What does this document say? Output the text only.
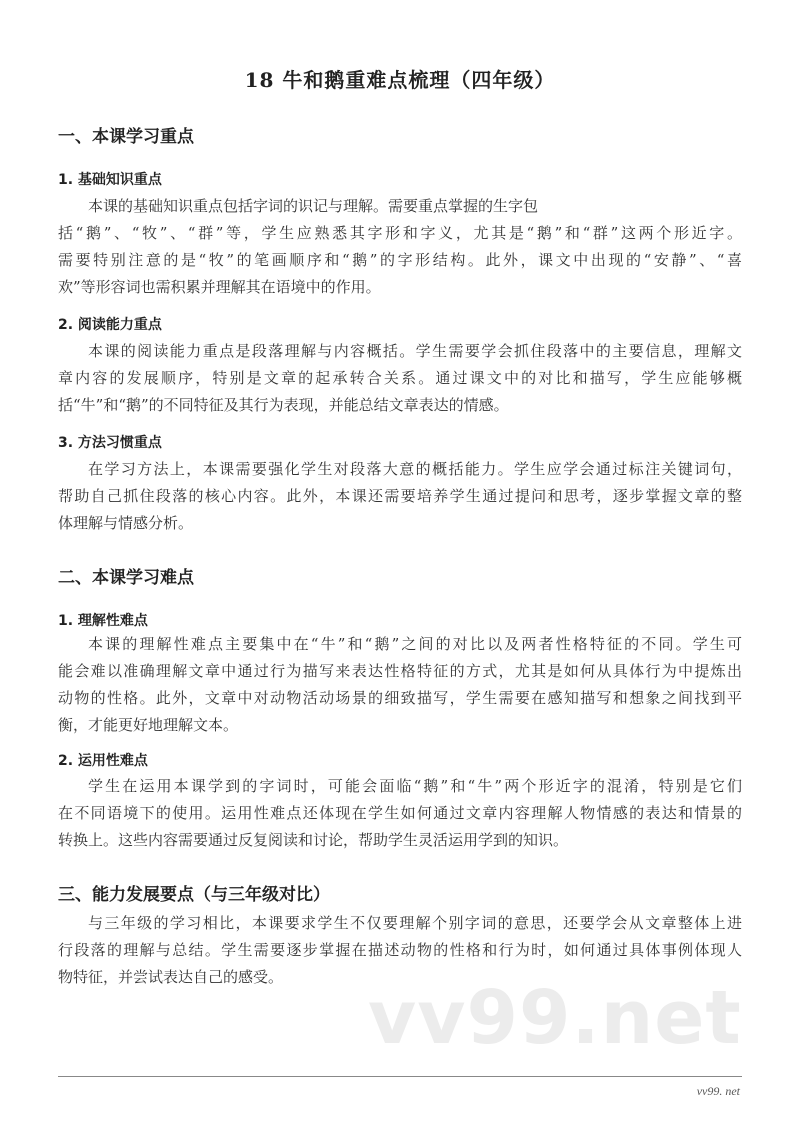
18 牛和鹅重难点梳理（四年级）
一、本课学习重点
1. 基础知识重点
本课的基础知识重点包括字词的识记与理解。需要重点掌握的生字包
括“鹅”、“牧”、“群”等，学生应熟悉其字形和字义，尤其是“鹅”和“群”这两个形近字。
需要特别注意的是“牧”的笔画顺序和“鹅”的字形结构。此外，课文中出现的“安静”、“喜
欢”等形容词也需积累并理解其在语境中的作用。
2. 阅读能力重点
本课的阅读能力重点是段落理解与内容概括。学生需要学会抓住段落中的主要信息，理解文
章内容的发展顺序，特别是文章的起承转合关系。通过课文中的对比和描写，学生应能够概
括“牛”和“鹅”的不同特征及其行为表现，并能总结文章表达的情感。
3. 方法习惯重点
在学习方法上，本课需要强化学生对段落大意的概括能力。学生应学会通过标注关键词句，
帮助自己抓住段落的核心内容。此外，本课还需要培养学生通过提问和思考，逐步掌握文章的整
体理解与情感分析。
二、本课学习难点
1. 理解性难点
本课的理解性难点主要集中在“牛”和“鹅”之间的对比以及两者性格特征的不同。学生可
能会难以准确理解文章中通过行为描写来表达性格特征的方式，尤其是如何从具体行为中提炼出
动物的性格。此外，文章中对动物活动场景的细致描写，学生需要在感知描写和想象之间找到平
衡，才能更好地理解文本。
2. 运用性难点
学生在运用本课学到的字词时，可能会面临“鹅”和“牛”两个形近字的混淆，特别是它们
在不同语境下的使用。运用性难点还体现在学生如何通过文章内容理解人物情感的表达和情景的
转换上。这些内容需要通过反复阅读和讨论，帮助学生灵活运用学到的知识。
三、能力发展要点（与三年级对比）
与三年级的学习相比，本课要求学生不仅要理解个别字词的意思，还要学会从文章整体上进
行段落的理解与总结。学生需要逐步掌握在描述动物的性格和行为时，如何通过具体事例体现人
物特征，并尝试表达自己的感受。	vv99.net
vv99. net
